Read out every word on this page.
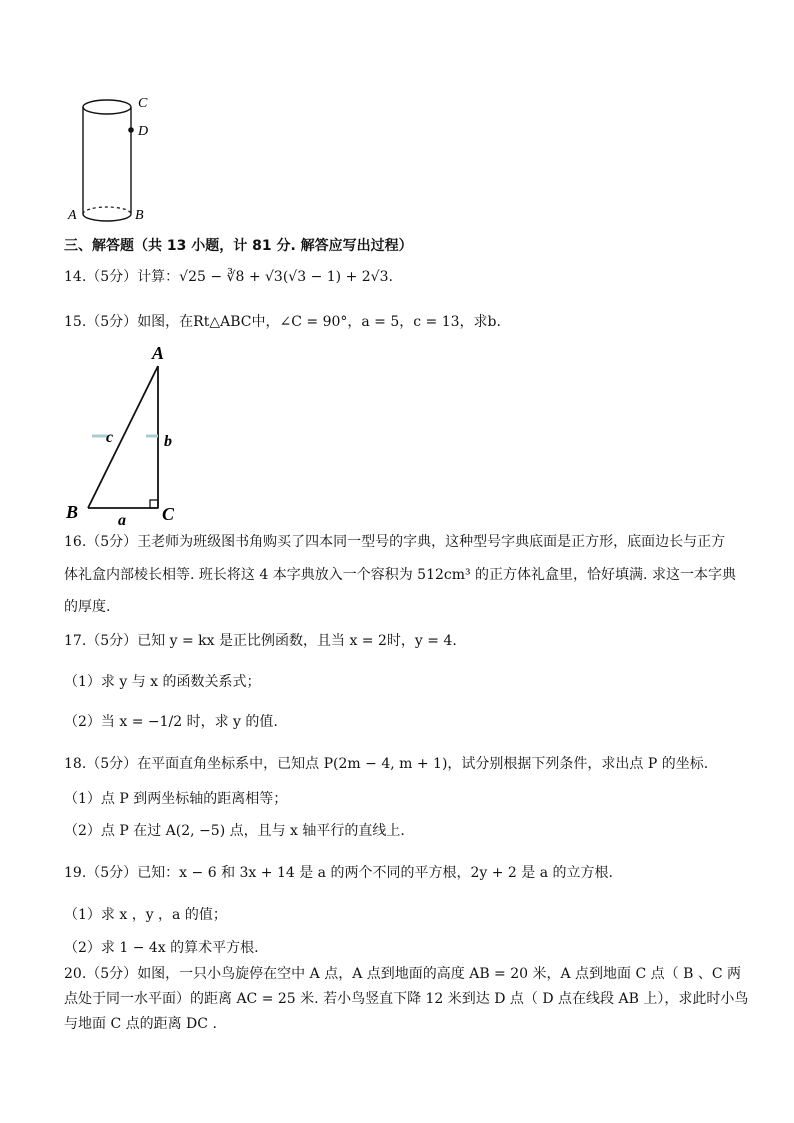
C
D
A	B
三、解答题（共 13 小题，计 81 分. 解答应写出过程）
14.（5分）计算：√25 − ∛8 + √3(√3 − 1) + 2√3.
15.（5分）如图，在Rt△ABC中，∠C = 90°，a = 5，c = 13，求b.
A
B	C
c	b
a
16.（5分）王老师为班级图书角购买了四本同一型号的字典，这种型号字典底面是正方形，底面边长与正方
体礼盒内部棱长相等. 班长将这 4 本字典放入一个容积为 512cm³ 的正方体礼盒里，恰好填满. 求这一本字典
的厚度.
17.（5分）已知 y = kx 是正比例函数，且当 x = 2时，y = 4.
（1）求 y 与 x 的函数关系式；
（2）当 x = −1/2 时，求 y 的值.
18.（5分）在平面直角坐标系中，已知点 P(2m − 4, m + 1)，试分别根据下列条件，求出点 P 的坐标.
（1）点 P 到两坐标轴的距离相等；
（2）点 P 在过 A(2, −5) 点，且与 x 轴平行的直线上.
19.（5分）已知：x − 6 和 3x + 14 是 a 的两个不同的平方根，2y + 2 是 a 的立方根.
（1）求 x ，y ，a 的值；
（2）求 1 − 4x 的算术平方根.
20.（5分）如图，一只小鸟旋停在空中 A 点，A 点到地面的高度 AB = 20 米，A 点到地面 C 点（ B 、C 两
点处于同一水平面）的距离 AC = 25 米. 若小鸟竖直下降 12 米到达 D 点（ D 点在线段 AB 上），求此时小鸟
与地面 C 点的距离 DC .
